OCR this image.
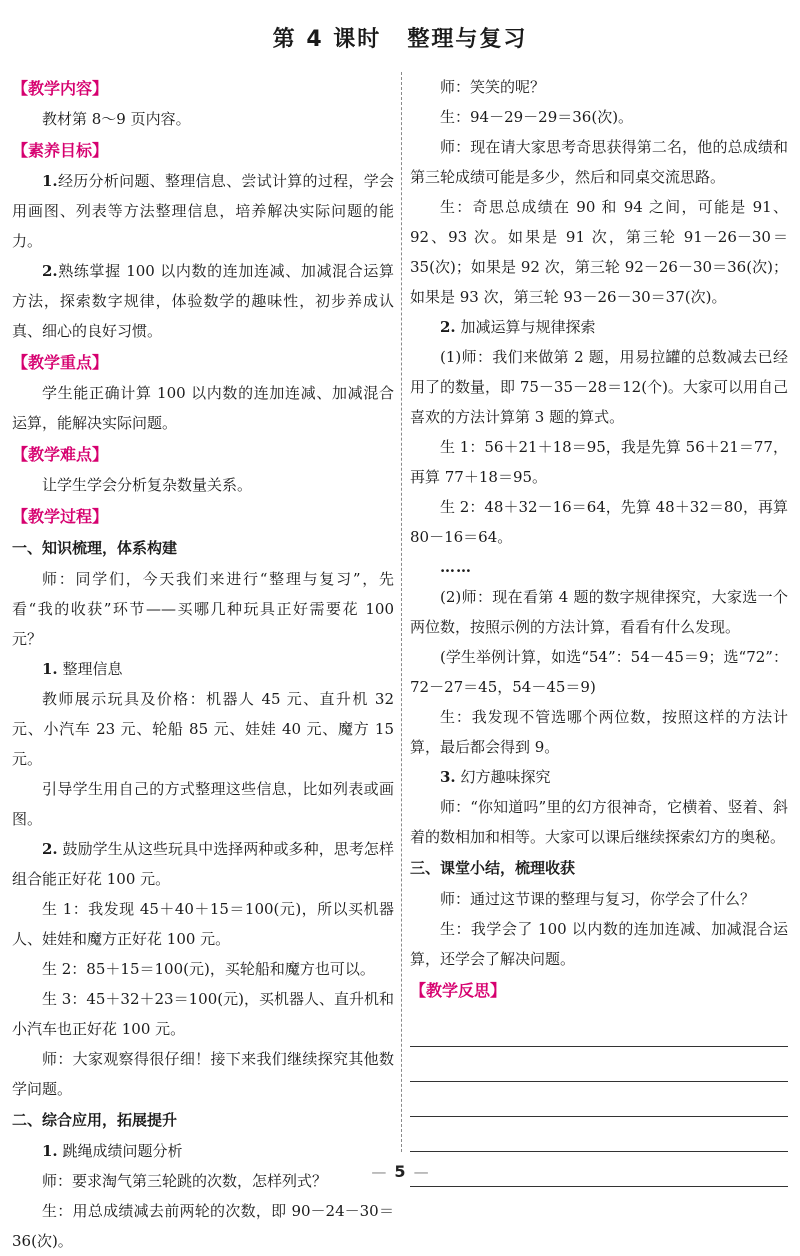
第 4 课时 整理与复习
【教学内容】

教材第 8～9 页内容。

【素养目标】

1.经历分析问题、整理信息、尝试计算的过程，学会用画图、列表等方法整理信息，培养解决实际问题的能力。

2.熟练掌握 100 以内数的连加连减、加减混合运算方法，探索数字规律，体验数学的趣味性，初步养成认真、细心的良好习惯。

【教学重点】

学生能正确计算 100 以内数的连加连减、加减混合运算，能解决实际问题。

【教学难点】

让学生学会分析复杂数量关系。

【教学过程】

一、知识梳理，体系构建

师：同学们，今天我们来进行“整理与复习”，先看“我的收获”环节——买哪几种玩具正好需要花 100 元？

1. 整理信息

教师展示玩具及价格：机器人 45 元、直升机 32 元、小汽车 23 元、轮船 85 元、娃娃 40 元、魔方 15 元。

引导学生用自己的方式整理这些信息，比如列表或画图。

2. 鼓励学生从这些玩具中选择两种或多种，思考怎样组合能正好花 100 元。

生 1：我发现 45＋40＋15＝100(元)，所以买机器人、娃娃和魔方正好花 100 元。

生 2：85＋15＝100(元)，买轮船和魔方也可以。

生 3：45＋32＋23＝100(元)，买机器人、直升机和小汽车也正好花 100 元。

师：大家观察得很仔细！接下来我们继续探究其他数学问题。

二、综合应用，拓展提升

1. 跳绳成绩问题分析

师：要求淘气第三轮跳的次数，怎样列式？

生：用总成绩减去前两轮的次数，即 90－24－30＝36(次)。

师：笑笑的呢？

生：94－29－29＝36(次)。

师：现在请大家思考奇思获得第二名，他的总成绩和第三轮成绩可能是多少，然后和同桌交流思路。

生：奇思总成绩在 90 和 94 之间，可能是 91、92、93 次。如果是 91 次，第三轮 91－26－30＝35(次)；如果是 92 次，第三轮 92－26－30＝36(次)；如果是 93 次，第三轮 93－26－30＝37(次)。

2. 加减运算与规律探索

(1)师：我们来做第 2 题，用易拉罐的总数减去已经用了的数量，即 75－35－28＝12(个)。大家可以用自己喜欢的方法计算第 3 题的算式。

生 1：56＋21＋18＝95，我是先算 56＋21＝77，再算 77＋18＝95。

生 2：48＋32－16＝64，先算 48＋32＝80，再算 80－16＝64。

……

(2)师：现在看第 4 题的数字规律探究，大家选一个两位数，按照示例的方法计算，看看有什么发现。

(学生举例计算，如选“54”：54－45＝9；选“72”：72－27＝45，54－45＝9)

生：我发现不管选哪个两位数，按照这样的方法计算，最后都会得到 9。

3. 幻方趣味探究

师：“你知道吗”里的幻方很神奇，它横着、竖着、斜着的数相加和相等。大家可以课后继续探索幻方的奥秘。

三、课堂小结，梳理收获

师：通过这节课的整理与复习，你学会了什么？

生：我学会了 100 以内数的连加连减、加减混合运算，还学会了解决问题。

【教学反思】
— 5 —
